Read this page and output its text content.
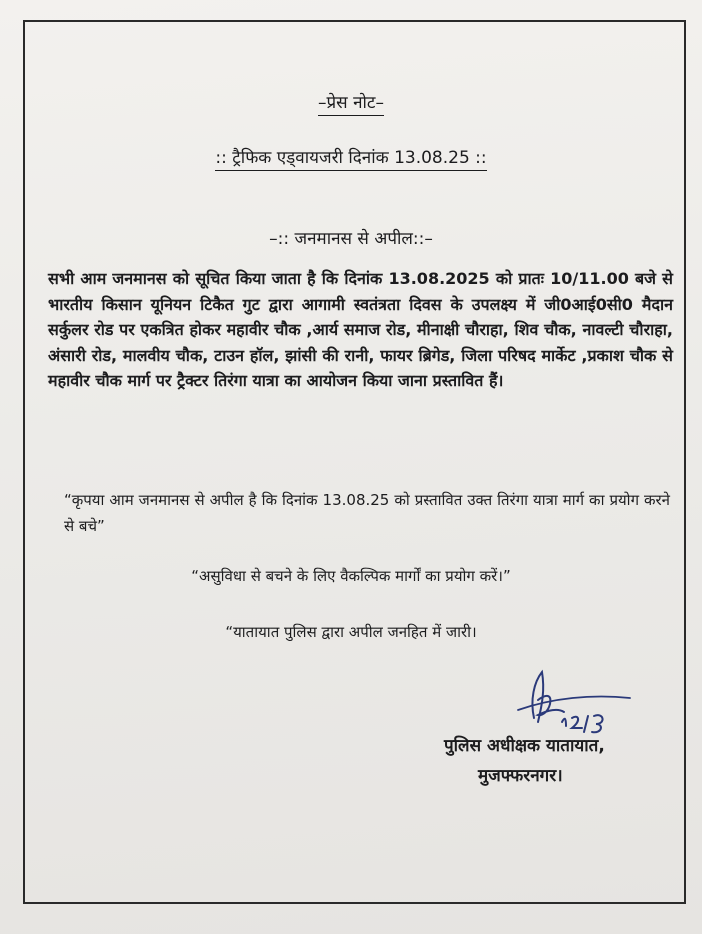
–प्रेस नोट–
:: ट्रैफिक एड्वायजरी दिनांक 13.08.25 ::
–:: जनमानस से अपील::–
सभी आम जनमानस को सूचित किया जाता है कि दिनांक 13.08.2025 को प्रातः 10/11.00 बजे से भारतीय किसान यूनियन टिकैत गुट द्वारा आगामी स्वतंत्रता दिवस के उपलक्ष्य में जी0आई0सी0 मैदान सर्कुलर रोड पर एकत्रित होकर महावीर चौक ,आर्य समाज रोड, मीनाक्षी चौराहा, शिव चौक, नावल्टी चौराहा, अंसारी रोड, मालवीय चौक, टाउन हॉल, झांसी की रानी, फायर ब्रिगेड, जिला परिषद मार्केट ,प्रकाश चौक से महावीर चौक मार्ग पर ट्रैक्टर तिरंगा यात्रा का आयोजन किया जाना प्रस्तावित हैं।
“कृपया आम जनमानस से अपील है कि दिनांक 13.08.25 को प्रस्तावित उक्त तिरंगा यात्रा मार्ग का प्रयोग करने से बचे”
“असुविधा से बचने के लिए वैकल्पिक मार्गों का प्रयोग करें।”
“यातायात पुलिस द्वारा अपील जनहित में जारी।
पुलिस अधीक्षक यातायात,
मुजफ्फरनगर।
